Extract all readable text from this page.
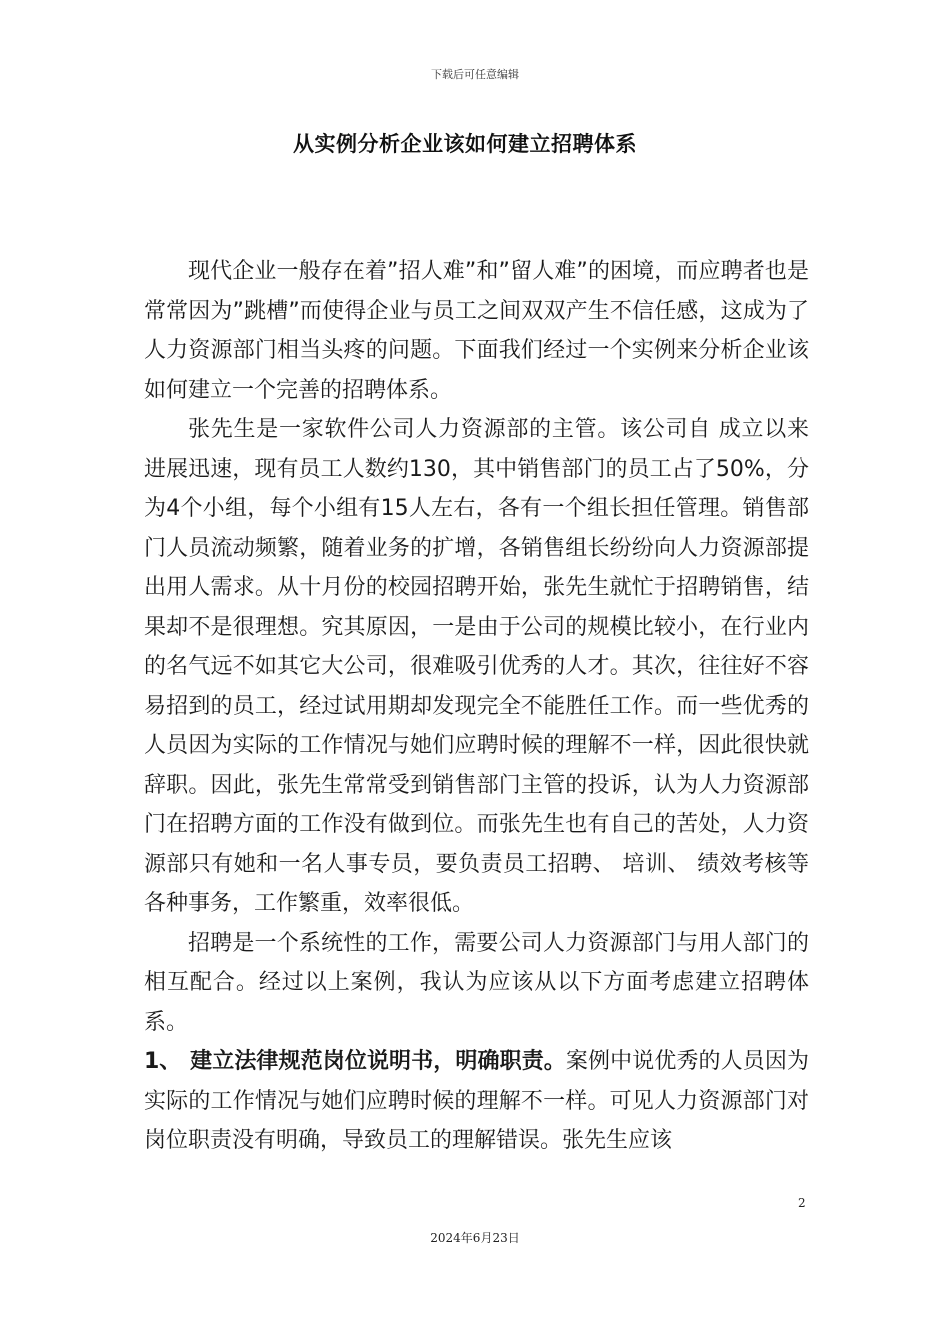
下载后可任意编辑
从实例分析企业该如何建立招聘体系

现代企业一般存在着”招人难”和”留人难”的困境，而应聘者也是常常因为”跳槽”而使得企业与员工之间双双产生不信任感，这成为了人力资源部门相当头疼的问题。下面我们经过一个实例来分析企业该如何建立一个完善的招聘体系。

张先生是一家软件公司人力资源部的主管。该公司自 成立以来进展迅速，现有员工人数约130，其中销售部门的员工占了50%，分为4个小组，每个小组有15人左右，各有一个组长担任管理。销售部门人员流动频繁，随着业务的扩增，各销售组长纷纷向人力资源部提出用人需求。从十月份的校园招聘开始，张先生就忙于招聘销售，结果却不是很理想。究其原因，一是由于公司的规模比较小，在行业内的名气远不如其它大公司，很难吸引优秀的人才。其次，往往好不容易招到的员工，经过试用期却发现完全不能胜任工作。而一些优秀的人员因为实际的工作情况与她们应聘时候的理解不一样，因此很快就辞职。因此，张先生常常受到销售部门主管的投诉，认为人力资源部门在招聘方面的工作没有做到位。而张先生也有自己的苦处，人力资源部只有她和一名人事专员，要负责员工招聘、 培训、 绩效考核等各种事务，工作繁重，效率很低。

招聘是一个系统性的工作，需要公司人力资源部门与用人部门的相互配合。经过以上案例，我认为应该从以下方面考虑建立招聘体系。

1、 建立法律规范岗位说明书，明确职责。案例中说优秀的人员因为实际的工作情况与她们应聘时候的理解不一样。可见人力资源部门对岗位职责没有明确，导致员工的理解错误。张先生应该

2
2024年6月23日
